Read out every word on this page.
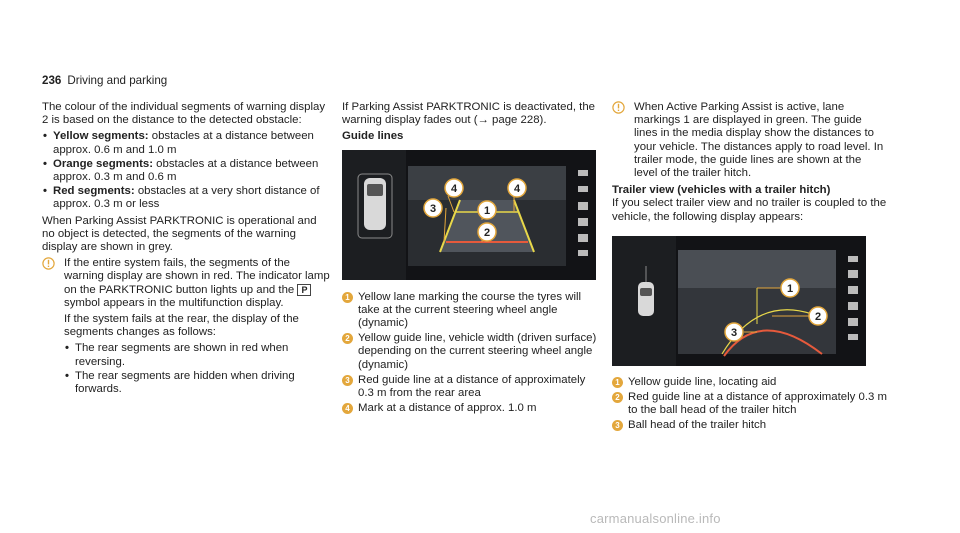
236 Driving and parking

The colour of the individual segments of warning display 2 is based on the distance to the detected obstacle:

• Yellow segments: obstacles at a distance between approx. 0.6 m and 1.0 m
• Orange segments: obstacles at a distance between approx. 0.3 m and 0.6 m
• Red segments: obstacles at a very short distance of approx. 0.3 m or less

When Parking Assist PARKTRONIC is operational and no object is detected, the segments of the warning display are shown in grey.

If the entire system fails, the segments of the warning display are shown in red. The indicator lamp on the PARKTRONIC button lights up and the P symbol appears in the multifunction display.

If the system fails at the rear, the display of the segments changes as follows:

• The rear segments are shown in red when reversing.
• The rear segments are hidden when driving forwards.

If Parking Assist PARKTRONIC is deactivated, the warning display fades out (→ page 228).

Guide lines
4	4
3	1
2
1 Yellow lane marking the course the tyres will take at the current steering wheel angle (dynamic)
2 Yellow guide line, vehicle width (driven surface) depending on the current steering wheel angle (dynamic)
3 Red guide line at a distance of approximately 0.3 m from the rear area
4 Mark at a distance of approx. 1.0 m

When Active Parking Assist is active, lane markings 1 are displayed in green. The guide lines in the media display show the distances to your vehicle. The distances apply to road level. In trailer mode, the guide lines are shown at the level of the trailer hitch.

Trailer view (vehicles with a trailer hitch)

If you select trailer view and no trailer is coupled to the vehicle, the following display appears:

1
2
3
1 Yellow guide line, locating aid
2 Red guide line at a distance of approximately 0.3 m to the ball head of the trailer hitch
3 Ball head of the trailer hitch
carmanualsonline.info
